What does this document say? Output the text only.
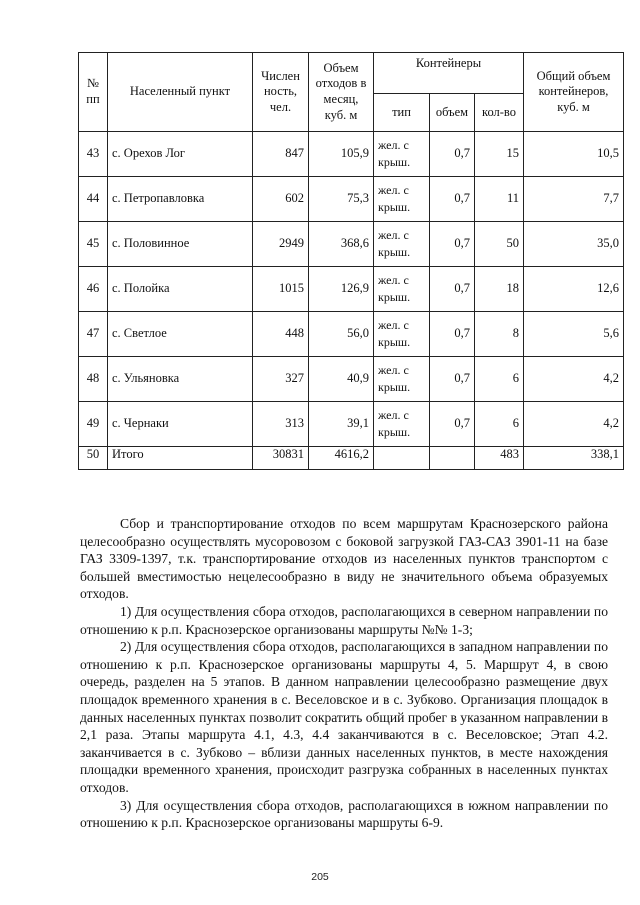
№ пп	Населенный пункт	Числен ность, чел.	Объем отходов в месяц, куб. м	Контейнеры			Общий объем контейнеров, куб. м
				тип	объем	кол-во	
43	с. Орехов Лог	847	105,9	жел. с крыш.	0,7	15	10,5
44	с. Петропавловка	602	75,3	жел. с крыш.	0,7	11	7,7
45	с. Половинное	2949	368,6	жел. с крыш.	0,7	50	35,0
46	с. Полойка	1015	126,9	жел. с крыш.	0,7	18	12,6
47	с. Светлое	448	56,0	жел. с крыш.	0,7	8	5,6
48	с. Ульяновка	327	40,9	жел. с крыш.	0,7	6	4,2
49	с. Чернаки	313	39,1	жел. с крыш.	0,7	6	4,2
50	Итого	30831	4616,2			483	338,1

Сбор и транспортирование отходов по всем маршрутам Краснозерского района целесообразно осуществлять мусоровозом с боковой загрузкой ГАЗ-САЗ 3901-11 на базе ГАЗ 3309-1397, т.к. транспортирование отходов из населенных пунктов транспортом с большей вместимостью нецелесообразно в виду не значительного объема образуемых отходов.

1) Для осуществления сбора отходов, располагающихся в северном направлении по отношению к р.п. Краснозерское организованы маршруты №№ 1-3;

2) Для осуществления сбора отходов, располагающихся в западном направлении по отношению к р.п. Краснозерское организованы маршруты 4, 5. Маршрут 4, в свою очередь, разделен на 5 этапов. В данном направлении целесообразно размещение двух площадок временного хранения в с. Веселовское и в с. Зубково. Организация площадок в данных населенных пунктах позволит сократить общий пробег в указанном направлении в 2,1 раза. Этапы маршрута 4.1, 4.3, 4.4 заканчиваются в с. Веселовское; Этап 4.2. заканчивается в с. Зубково – вблизи данных населенных пунктов, в месте нахождения площадки временного хранения, происходит разгрузка собранных в населенных пунктах отходов.

3) Для осуществления сбора отходов, располагающихся в южном направлении по отношению к р.п. Краснозерское организованы маршруты 6-9.

205
